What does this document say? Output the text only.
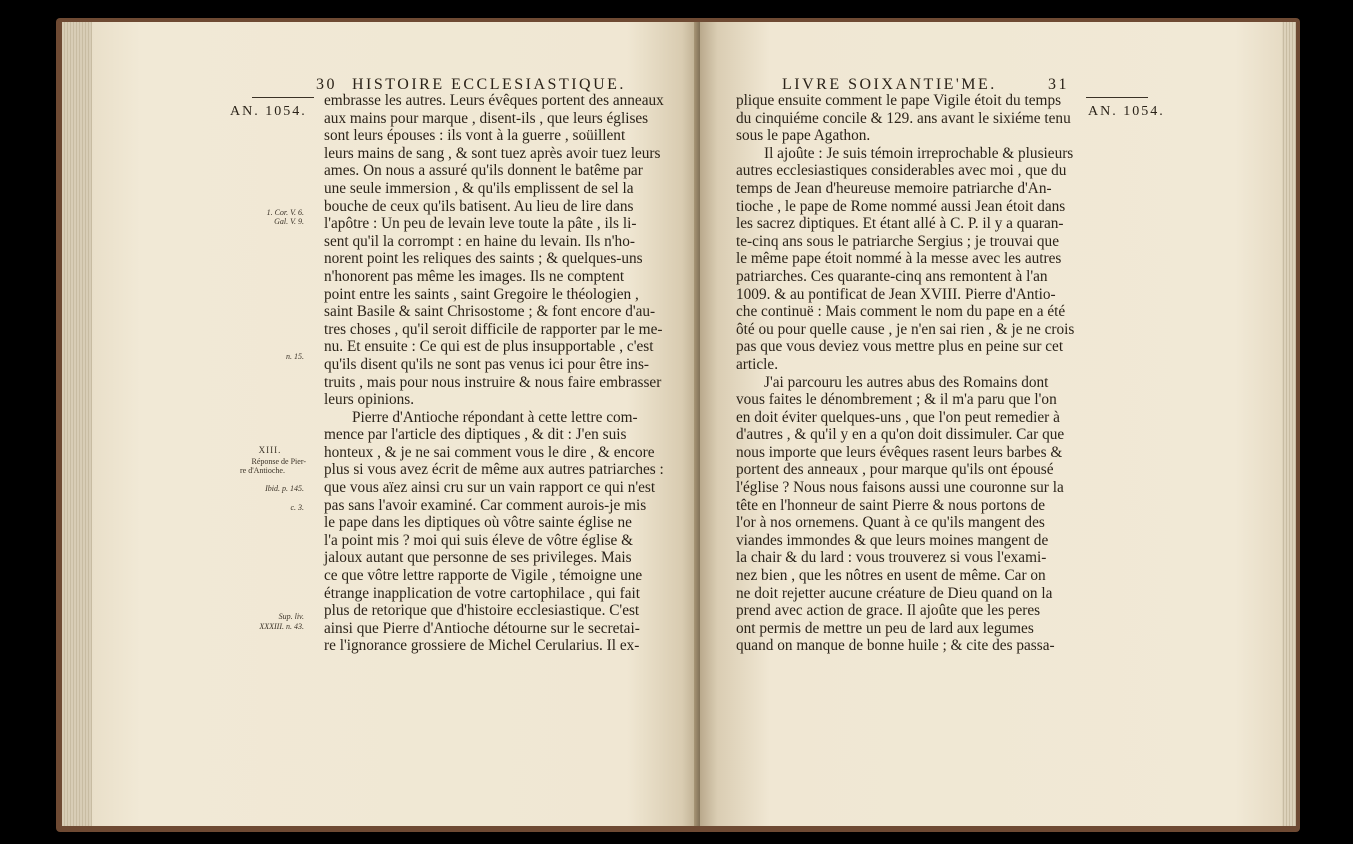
AN. 1054.
30 HISTOIRE ECCLESIASTIQUE.
1. Cor. V. 6.
Gal. V. 9.
n. 15.
XIII.
Réponse de Pier-
re d'Antioche.
Ibid. p. 145.
c. 3.
Sup. liv.
XXXIII. n. 43.
embrasse les autres. Leurs évêques portent des anneaux
aux mains pour marque , disent-ils , que leurs églises
sont leurs épouses : ils vont à la guerre , soüillent
leurs mains de sang , & sont tuez après avoir tuez leurs
ames. On nous a assuré qu'ils donnent le batême par
une seule immersion , & qu'ils emplissent de sel la
bouche de ceux qu'ils batisent. Au lieu de lire dans
l'apôtre : Un peu de levain leve toute la pâte , ils li-
sent qu'il la corrompt : en haine du levain. Ils n'ho-
norent point les reliques des saints ; & quelques-uns
n'honorent pas même les images. Ils ne comptent
point entre les saints , saint Gregoire le théologien ,
saint Basile & saint Chrisostome ; & font encore d'au-
tres choses , qu'il seroit difficile de rapporter par le me-
nu. Et ensuite : Ce qui est de plus insupportable , c'est
qu'ils disent qu'ils ne sont pas venus ici pour être ins-
truits , mais pour nous instruire & nous faire embrasser
leurs opinions.
Pierre d'Antioche répondant à cette lettre com-
mence par l'article des diptiques , & dit : J'en suis
honteux , & je ne sai comment vous le dire , & encore
plus si vous avez écrit de même aux autres patriarches :
que vous aïez ainsi cru sur un vain rapport ce qui n'est
pas sans l'avoir examiné. Car comment aurois-je mis
le pape dans les diptiques où vôtre sainte église ne
l'a point mis ? moi qui suis éleve de vôtre église &
jaloux autant que personne de ses privileges. Mais
ce que vôtre lettre rapporte de Vigile , témoigne une
étrange inapplication de votre cartophilace , qui fait
plus de retorique que d'histoire ecclesiastique. C'est
ainsi que Pierre d'Antioche détourne sur le secretai-
re l'ignorance grossiere de Michel Cerularius. Il ex-
LIVRE SOIXANTIE'ME.	31
AN. 1054.
plique ensuite comment le pape Vigile étoit du temps
du cinquiéme concile & 129. ans avant le sixiéme tenu
sous le pape Agathon.
Il ajoûte : Je suis témoin irreprochable & plusieurs
autres ecclesiastiques considerables avec moi , que du
temps de Jean d'heureuse memoire patriarche d'An-
tioche , le pape de Rome nommé aussi Jean étoit dans
les sacrez diptiques. Et étant allé à C. P. il y a quaran-
te-cinq ans sous le patriarche Sergius ; je trouvai que
le même pape étoit nommé à la messe avec les autres
patriarches. Ces quarante-cinq ans remontent à l'an
1009. & au pontificat de Jean XVIII. Pierre d'Antio-
che continuë : Mais comment le nom du pape en a été
ôté ou pour quelle cause , je n'en sai rien , & je ne crois
pas que vous deviez vous mettre plus en peine sur cet
article.
J'ai parcouru les autres abus des Romains dont
vous faites le dénombrement ; & il m'a paru que l'on
en doit éviter quelques-uns , que l'on peut remedier à
d'autres , & qu'il y en a qu'on doit dissimuler. Car que
nous importe que leurs évêques rasent leurs barbes &
portent des anneaux , pour marque qu'ils ont épousé
l'église ? Nous nous faisons aussi une couronne sur la
tête en l'honneur de saint Pierre & nous portons de
l'or à nos ornemens. Quant à ce qu'ils mangent des
viandes immondes & que leurs moines mangent de
la chair & du lard : vous trouverez si vous l'exami-
nez bien , que les nôtres en usent de même. Car on
ne doit rejetter aucune créature de Dieu quand on la
prend avec action de grace. Il ajoûte que les peres
ont permis de mettre un peu de lard aux legumes
quand on manque de bonne huile ; & cite des passa-
